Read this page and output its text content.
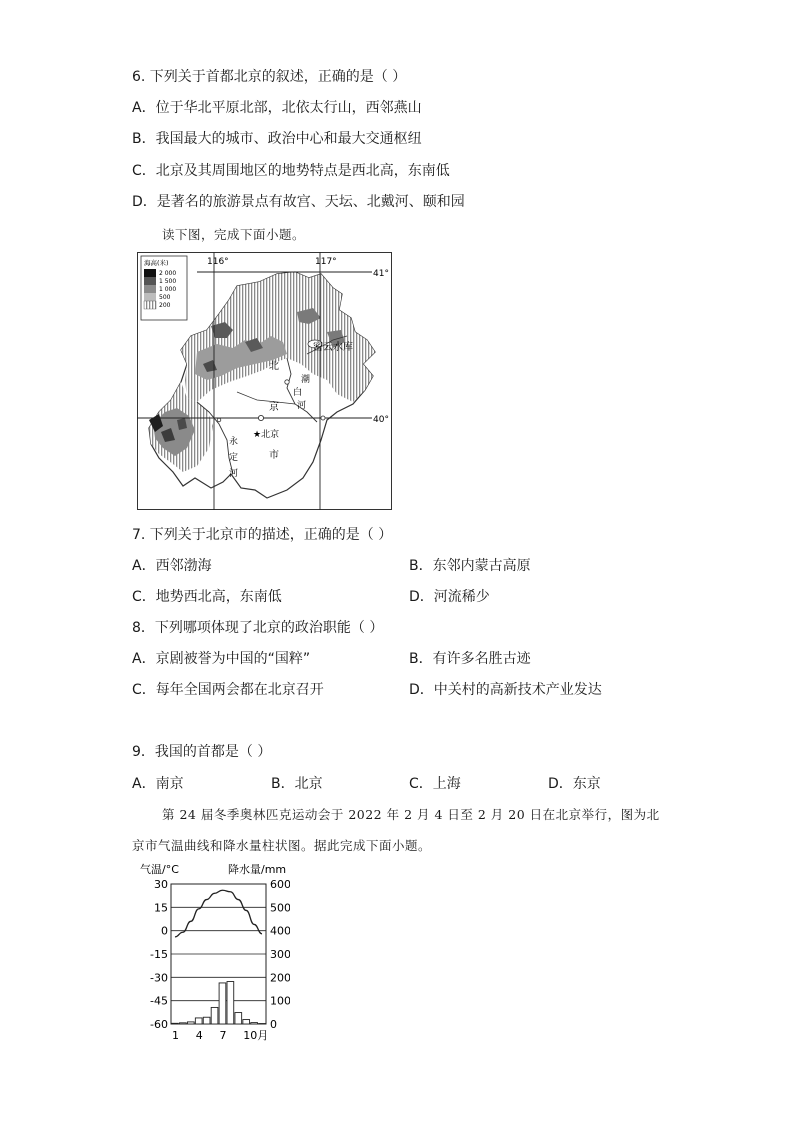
6. 下列关于首都北京的叙述，正确的是（ ）
A．位于华北平原北部，北依太行山，西邻燕山
B．我国最大的城市、政治中心和最大交通枢纽
C．北京及其周围地区的地势特点是西北高，东南低
D．是著名的旅游景点有故宫、天坛、北戴河、颐和园
读下图，完成下面小题。
海高(米)
2 000
1 500
1 000
500
200
116°	117°
41°
40°
密云水库
北
京
市
★北京
潮
白
河
永
定
河
7. 下列关于北京市的描述，正确的是（ ）
A．西邻渤海	B．东邻内蒙古高原
C．地势西北高，东南低	D．河流稀少
8．下列哪项体现了北京的政治职能（ ）
A．京剧被誉为中国的“国粹”	B．有许多名胜古迹
C．每年全国两会都在北京召开	D．中关村的高新技术产业发达
9．我国的首都是（ ）
A．南京	B．北京	C．上海	D．东京
第 24 届冬季奥林匹克运动会于 2022 年 2 月 4 日至 2 月 20 日在北京举行，图为北
京市气温曲线和降水量柱状图。据此完成下面小题。
气温/°C	降水量/mm
30
15
0
-15
-30
-45
-60
600
500
400
300
200
100
0
1 4 7 10月
